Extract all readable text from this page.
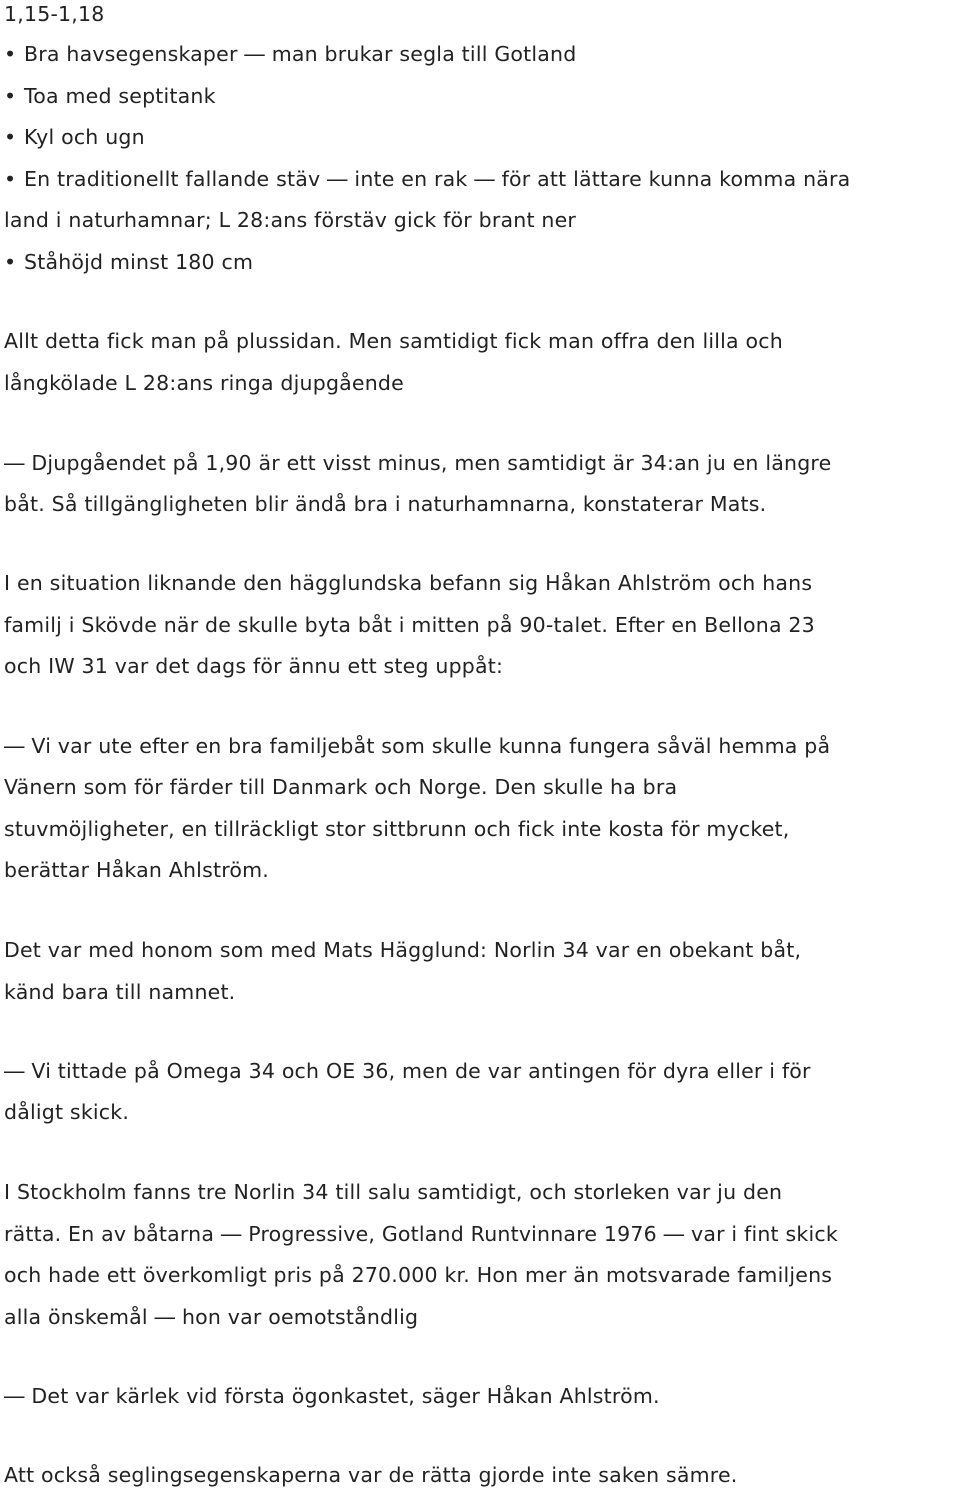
1,15-1,18
• Bra havsegenskaper ― man brukar segla till Gotland
• Toa med septitank
• Kyl och ugn
• En traditionellt fallande stäv ― inte en rak ― för att lättare kunna komma nära
land i naturhamnar; L 28:ans förstäv gick för brant ner
• Ståhöjd minst 180 cm
Allt detta fick man på plussidan. Men samtidigt fick man offra den lilla och
långkölade L 28:ans ringa djupgående
― Djupgåendet på 1,90 är ett visst minus, men samtidigt är 34:an ju en längre
båt. Så tillgängligheten blir ändå bra i naturhamnarna, konstaterar Mats.
I en situation liknande den hägglundska befann sig Håkan Ahlström och hans
familj i Skövde när de skulle byta båt i mitten på 90-talet. Efter en Bellona 23
och IW 31 var det dags för ännu ett steg uppåt:
― Vi var ute efter en bra familjebåt som skulle kunna fungera såväl hemma på
Vänern som för färder till Danmark och Norge. Den skulle ha bra
stuvmöjligheter, en tillräckligt stor sittbrunn och fick inte kosta för mycket,
berättar Håkan Ahlström.
Det var med honom som med Mats Hägglund: Norlin 34 var en obekant båt,
känd bara till namnet.
― Vi tittade på Omega 34 och OE 36, men de var antingen för dyra eller i för
dåligt skick.
I Stockholm fanns tre Norlin 34 till salu samtidigt, och storleken var ju den
rätta. En av båtarna ― Progressive, Gotland Runtvinnare 1976 ― var i fint skick
och hade ett överkomligt pris på 270.000 kr. Hon mer än motsvarade familjens
alla önskemål ― hon var oemotståndlig
― Det var kärlek vid första ögonkastet, säger Håkan Ahlström.
Att också seglingsegenskaperna var de rätta gjorde inte saken sämre.
